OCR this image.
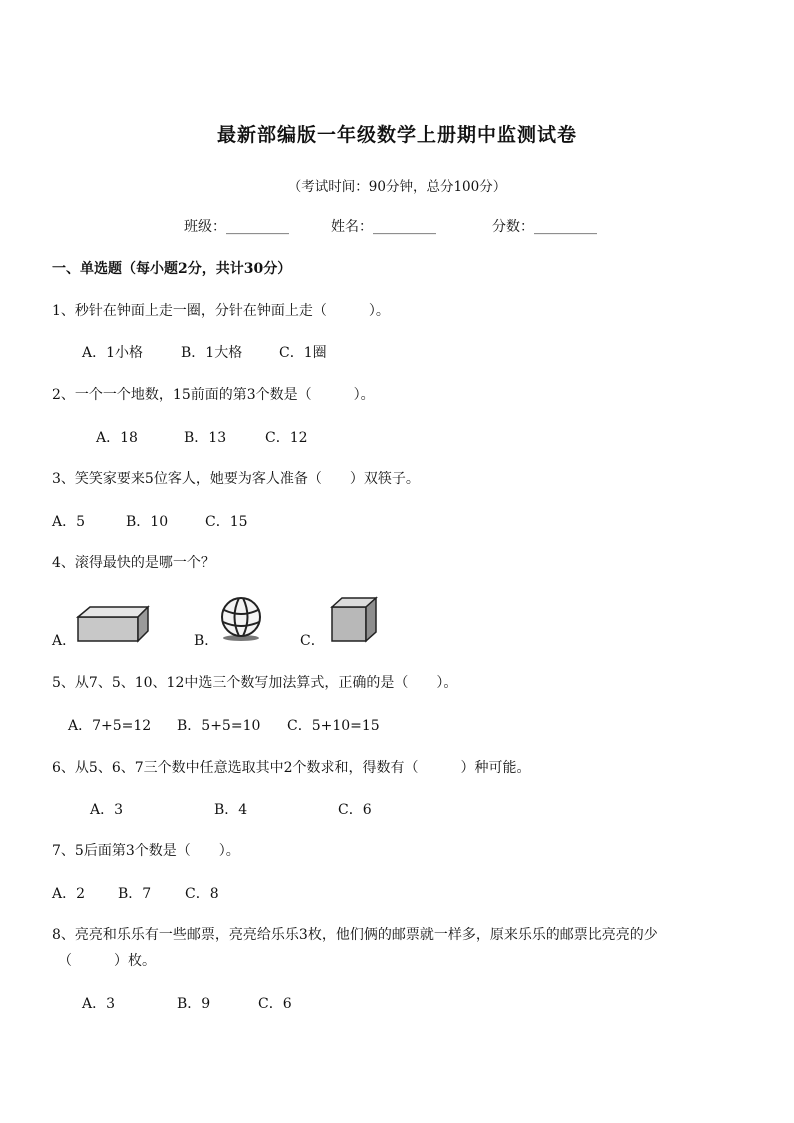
最新部编版一年级数学上册期中监测试卷
（考试时间：90分钟，总分100分）
班级：_________	姓名：_________	分数：_________
一、单选题（每小题2分，共计30分）
1、秒针在钟面上走一圈，分针在钟面上走（　　　）。
A．1小格	B．1大格	C．1圈
2、一个一个地数，15前面的第3个数是（　　　）。
A．18	B．13	C．12
3、笑笑家要来5位客人，她要为客人准备（　　）双筷子。
A．5	B．10	C．15
4、滚得最快的是哪一个？
A．	B．	C．
5、从7、5、10、12中选三个数写加法算式，正确的是（　　）。
A．7+5=12 B．5+5=10 C．5+10=15
6、从5、6、7三个数中任意选取其中2个数求和，得数有（　　　）种可能。
A．3	B．4	C．6
7、5后面第3个数是（　　）。
A．2 B．7 C．8
8、亮亮和乐乐有一些邮票，亮亮给乐乐3枚，他们俩的邮票就一样多，原来乐乐的邮票比亮亮的少
（　　　）枚。
A．3	B．9	C．6
